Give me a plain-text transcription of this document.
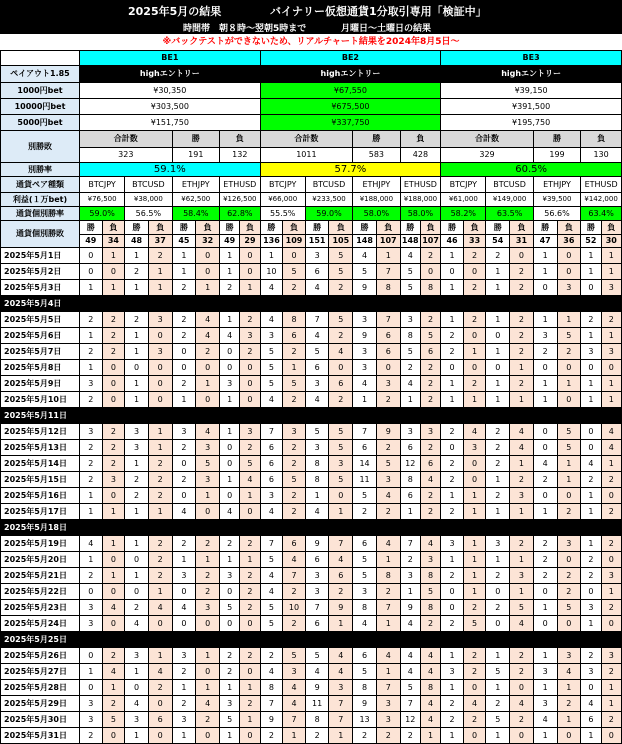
2025年5月の結果	バイナリー仮想通貨1分取引専用「検証中」
時間帯　朝８時～翌朝5時まで	月曜日～土曜日の結果
※バックテストができないため、リアルチャート結果を2024年8月5日～
	BE1								BE2								BE3							
ペイアウト1.85	highエントリー								highエントリー								highエントリー							
1000円bet	¥30,350								¥67,550								¥39,150							
10000円bet	¥303,500								¥675,500								¥391,500							
5000円bet	¥151,750								¥337,750								¥195,750							
別勝敗	合計数				勝		負		合計数				勝		負		合計数				勝		負	
	323				191		132		1011				583		428		329				199		130	
別勝率	59.1%								57.7%								60.5%							
通貨ペア種類	BTCJPY		BTCUSD		ETHJPY		ETHUSD		BTCJPY		BTCUSD		ETHJPY		ETHUSD		BTCJPY		BTCUSD		ETHJPY		ETHUSD	
利益(１万bet)	¥76,500		¥38,000		¥62,500		¥126,500		¥66,000		¥233,500		¥188,000		¥188,000		¥61,000		¥149,000		¥39,500		¥142,000	
通貨個別勝率	59.0%		56.5%		58.4%		62.8%		55.5%		59.0%		58.0%		58.0%		58.2%		63.5%		56.6%		63.4%	
通貨個別勝敗	勝	負	勝	負	勝	負	勝	負	勝	負	勝	負	勝	負	勝	負	勝	負	勝	負	勝	負	勝	負
	49	34	48	37	45	32	49	29	136	109	151	105	148	107	148	107	46	33	54	31	47	36	52	30
2025年5月1日	0	1	1	2	1	0	1	0	1	0	3	5	4	1	4	2	1	2	2	0	1	0	1	1
2025年5月2日	0	0	2	1	1	0	1	0	10	5	6	5	5	7	5	0	0	0	1	2	1	0	1	1
2025年5月3日	1	1	1	1	2	1	2	1	4	2	4	2	9	8	5	8	1	2	1	2	0	3	0	3
2025年5月4日																								
2025年5月5日	2	2	2	3	2	4	1	2	4	8	7	5	3	7	3	2	1	2	1	2	1	1	2	2
2025年5月6日	1	2	1	0	2	4	4	3	3	6	4	2	9	6	8	5	2	0	0	2	3	5	1	1
2025年5月7日	2	2	1	3	0	2	0	2	5	2	5	4	3	6	5	6	2	1	1	2	2	2	3	3
2025年5月8日	1	0	0	0	0	0	0	0	5	1	6	0	3	0	2	2	0	0	0	1	0	0	0	0
2025年5月9日	3	0	1	0	2	1	3	0	5	5	3	6	4	3	4	2	1	2	1	2	1	1	1	1
2025年5月10日	2	0	1	0	1	0	1	0	4	2	4	2	1	2	1	2	1	1	1	1	1	0	1	1
2025年5月11日																								
2025年5月12日	3	2	3	1	3	4	1	3	7	3	5	5	7	9	3	3	2	4	2	4	0	5	0	4
2025年5月13日	2	2	3	1	2	3	0	2	6	2	3	5	6	2	6	2	0	3	2	4	0	5	0	4
2025年5月14日	2	2	1	2	0	5	0	5	6	2	8	3	14	5	12	6	2	0	2	1	4	1	4	1
2025年5月15日	2	3	2	2	2	3	1	4	6	5	8	5	11	3	8	4	2	0	1	2	2	1	2	2
2025年5月16日	1	0	2	2	0	1	0	1	3	2	1	0	5	4	6	2	1	1	2	3	0	0	1	0
2025年5月17日	1	1	1	1	4	0	4	0	4	2	4	1	2	2	1	2	2	1	1	1	1	2	1	2
2025年5月18日																								
2025年5月19日	4	1	1	2	2	2	2	2	7	6	9	7	6	4	7	4	3	1	3	2	2	3	1	2
2025年5月20日	1	0	0	2	1	1	1	1	5	4	6	4	5	1	2	3	1	1	1	1	2	0	2	0
2025年5月21日	2	1	1	2	3	2	3	2	4	7	3	6	5	8	3	8	2	1	2	3	2	2	2	3
2025年5月22日	0	0	0	1	0	2	0	2	4	2	3	2	3	2	1	5	0	1	0	1	0	2	0	1
2025年5月23日	3	4	2	4	4	3	5	2	5	10	7	9	8	7	9	8	0	2	2	5	1	5	3	2
2025年5月24日	3	0	4	0	0	0	0	0	5	2	6	1	4	1	4	2	2	5	0	4	0	0	1	0
2025年5月25日																								
2025年5月26日	0	2	3	1	3	1	2	2	2	5	5	4	6	4	4	4	1	2	1	2	1	3	2	3
2025年5月27日	1	4	1	4	2	0	2	0	4	3	4	4	5	1	4	4	3	2	5	2	3	4	3	2
2025年5月28日	0	1	0	2	1	1	1	1	8	4	9	3	8	7	5	8	1	0	1	0	1	1	0	1
2025年5月29日	3	2	4	0	2	4	3	2	7	4	11	7	9	3	7	4	2	4	2	4	3	2	4	1
2025年5月30日	3	5	3	6	3	2	5	1	9	7	8	7	13	3	12	4	2	2	5	2	4	1	6	2
2025年5月31日	2	0	1	0	1	0	1	0	2	1	2	1	2	2	2	1	1	0	1	0	1	0	1	0
